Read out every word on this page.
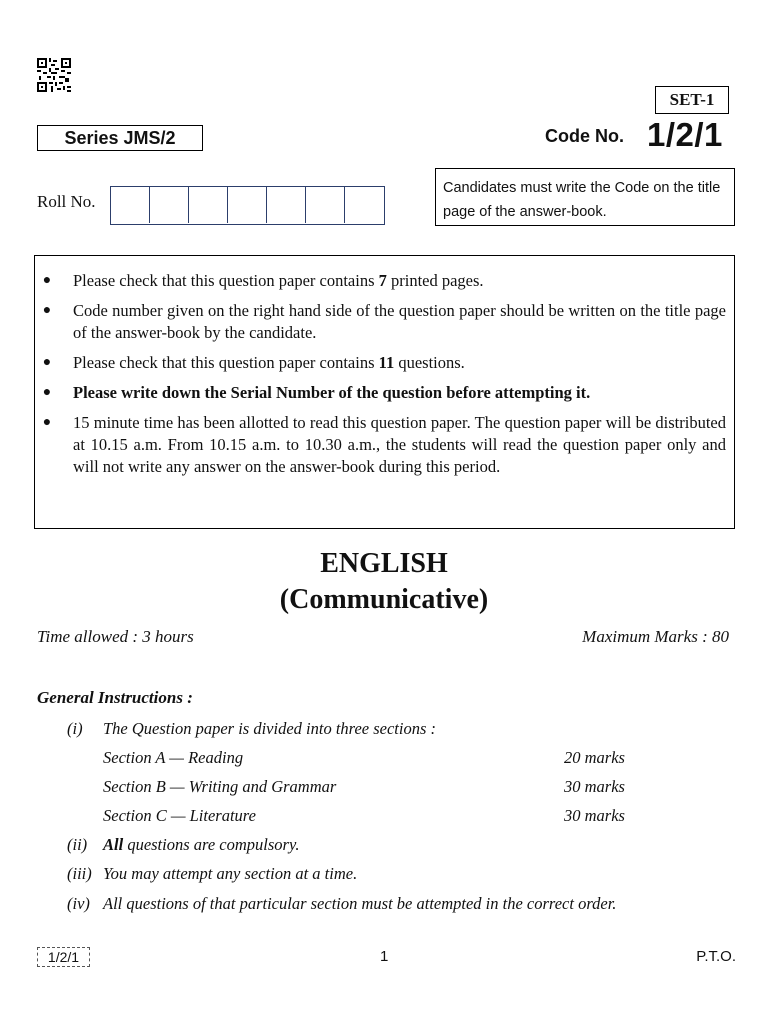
SET-1
Series JMS/2	Code No. 1/2/1
Roll No.
Candidates must write the Code on the title page of the answer-book.
● Please check that this question paper contains 7 printed pages.
● Code number given on the right hand side of the question paper should be written on the title page of the answer-book by the candidate.
● Please check that this question paper contains 11 questions.
● Please write down the Serial Number of the question before attempting it.
● 15 minute time has been allotted to read this question paper. The question paper will be distributed at 10.15 a.m. From 10.15 a.m. to 10.30 a.m., the students will read the question paper only and will not write any answer on the answer-book during this period.
ENGLISH
(Communicative)
Time allowed : 3 hours	Maximum Marks : 80
General Instructions :
(i) The Question paper is divided into three sections :
Section A — Reading	20 marks
Section B — Writing and Grammar	30 marks
Section C — Literature	30 marks
(ii) All questions are compulsory.
(iii) You may attempt any section at a time.
(iv) All questions of that particular section must be attempted in the correct order.
1/2/1	1	P.T.O.
